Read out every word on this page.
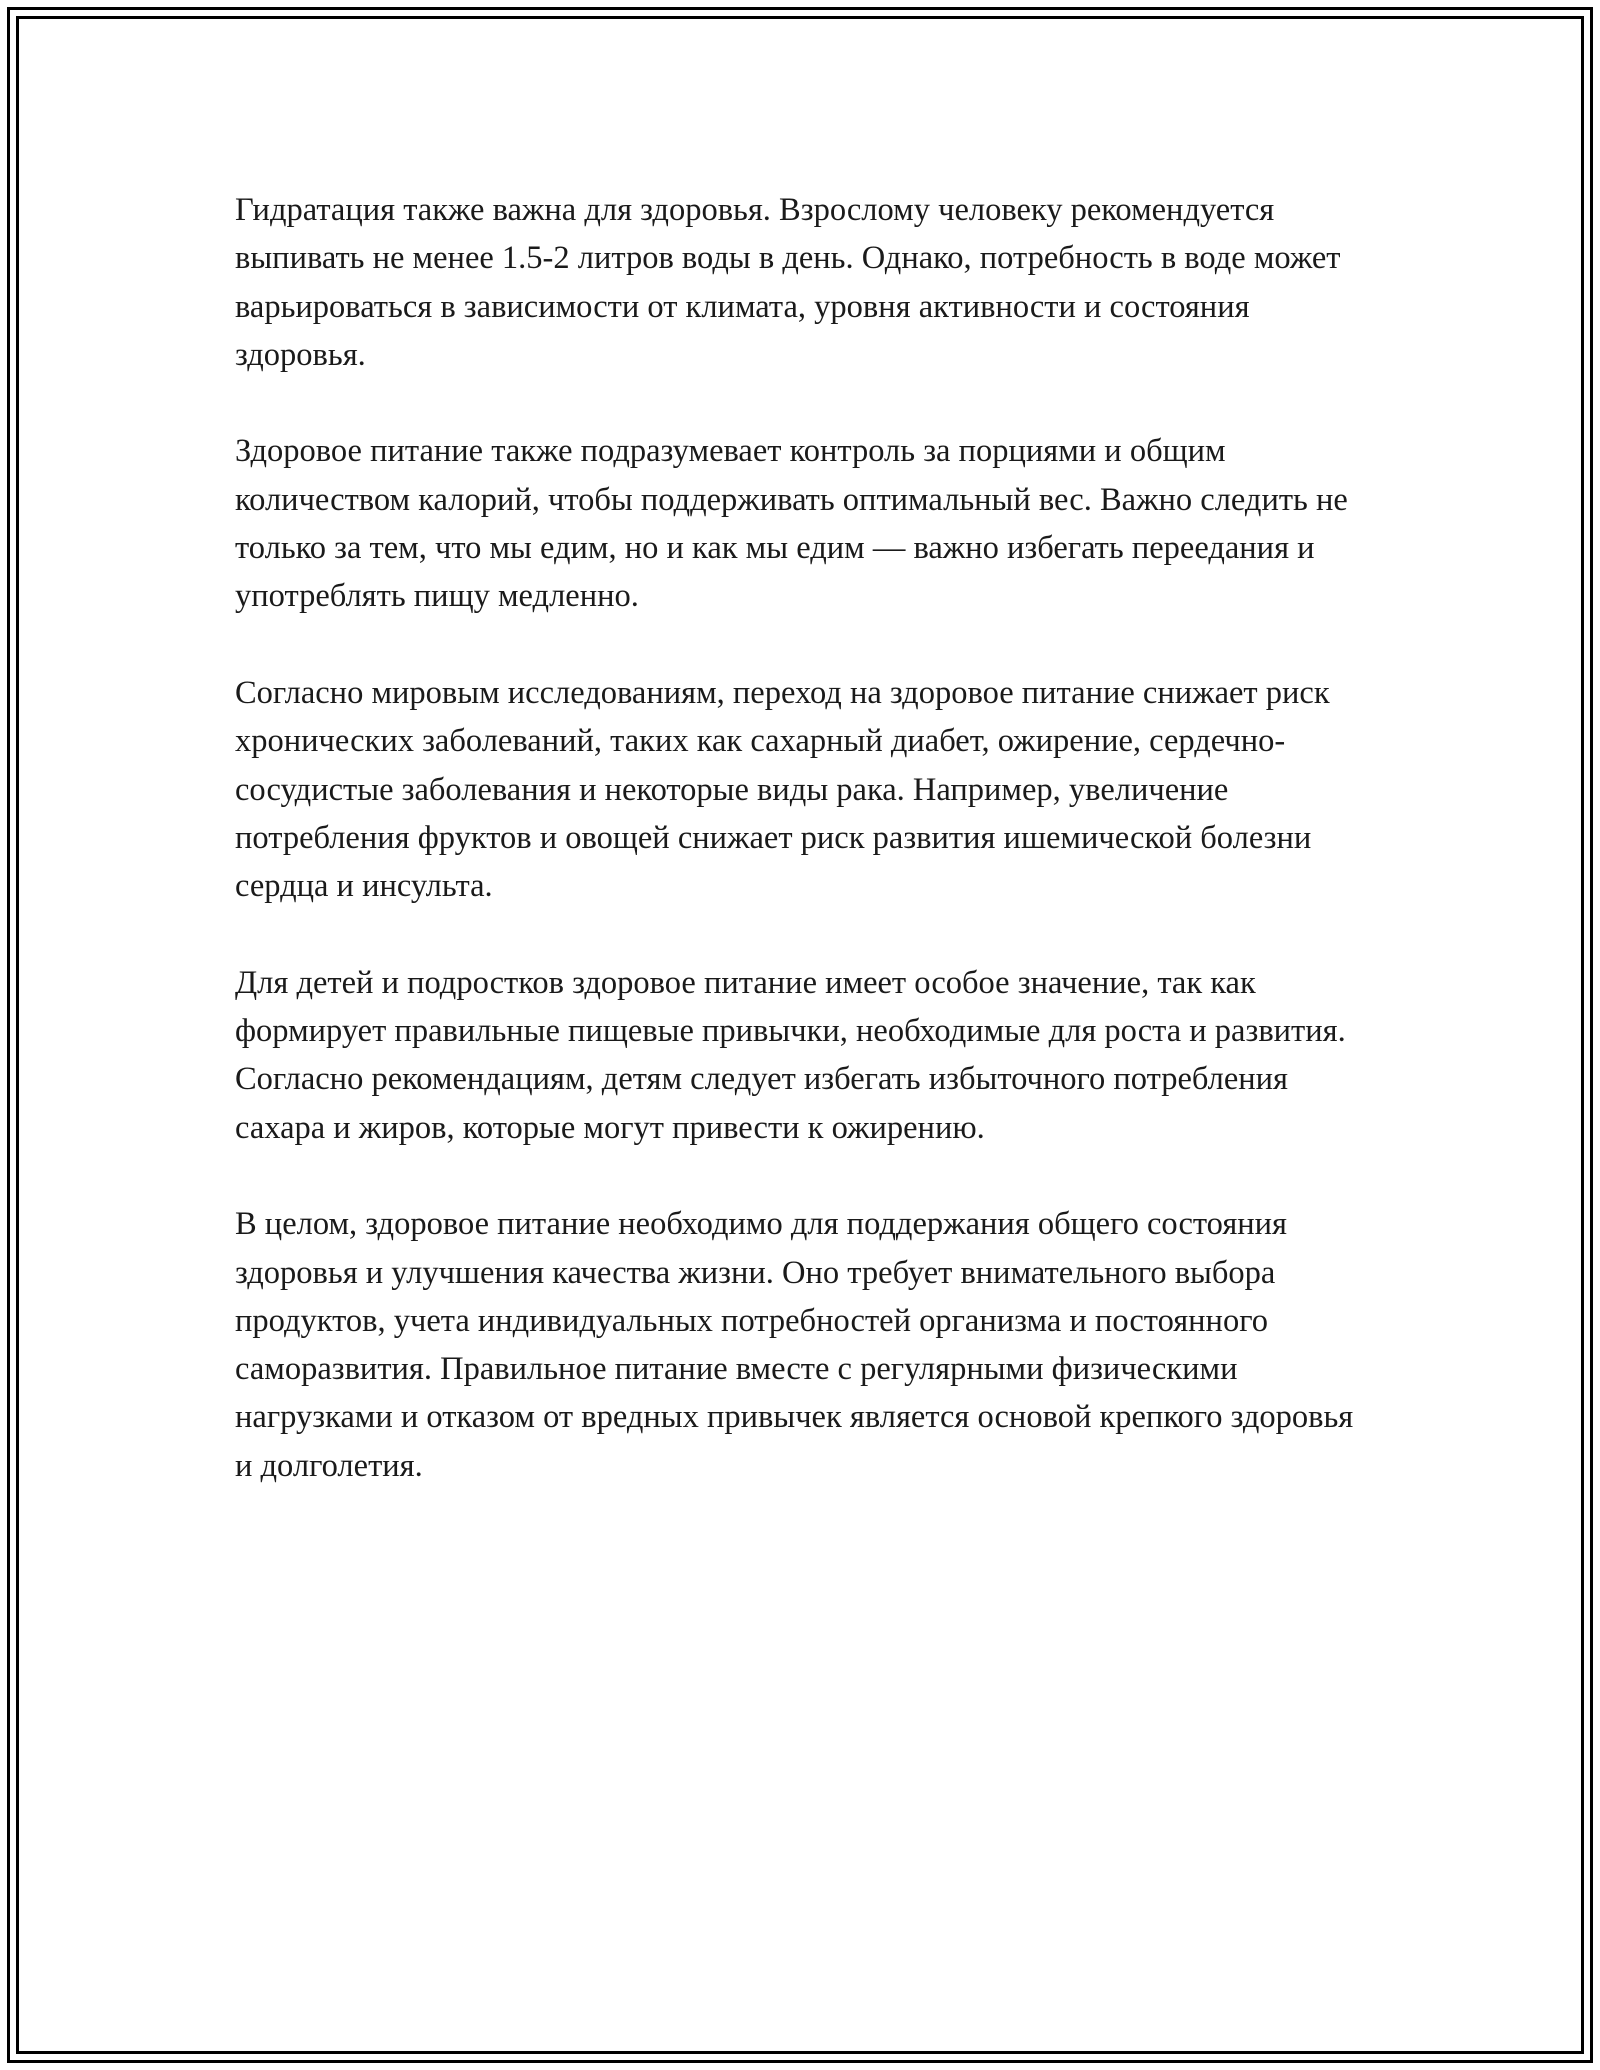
Гидратация также важна для здоровья. Взрослому человеку рекомендуется выпивать не менее 1.5-2 литров воды в день. Однако, потребность в воде может варьироваться в зависимости от климата, уровня активности и состояния здоровья.

Здоровое питание также подразумевает контроль за порциями и общим количеством калорий, чтобы поддерживать оптимальный вес. Важно следить не только за тем, что мы едим, но и как мы едим — важно избегать переедания и употреблять пищу медленно.

Согласно мировым исследованиям, переход на здоровое питание снижает риск хронических заболеваний, таких как сахарный диабет, ожирение, сердечно-сосудистые заболевания и некоторые виды рака. Например, увеличение потребления фруктов и овощей снижает риск развития ишемической болезни сердца и инсульта.

Для детей и подростков здоровое питание имеет особое значение, так как формирует правильные пищевые привычки, необходимые для роста и развития. Согласно рекомендациям, детям следует избегать избыточного потребления сахара и жиров, которые могут привести к ожирению.

В целом, здоровое питание необходимо для поддержания общего состояния здоровья и улучшения качества жизни. Оно требует внимательного выбора продуктов, учета индивидуальных потребностей организма и постоянного саморазвития. Правильное питание вместе с регулярными физическими нагрузками и отказом от вредных привычек является основой крепкого здоровья и долголетия.
